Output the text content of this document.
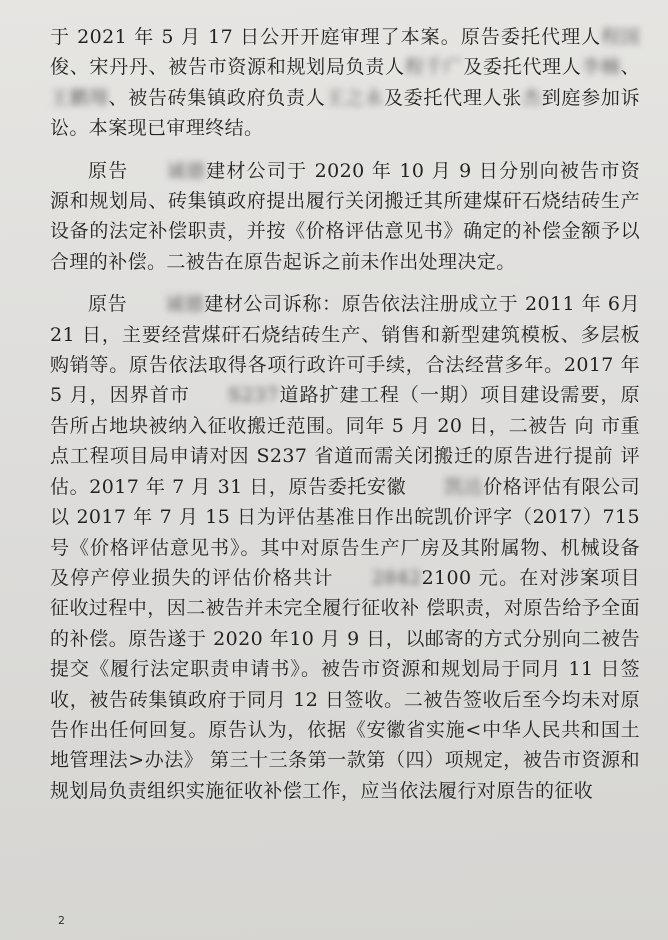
于 2021 年 5 月 17 日公开开庭审理了本案。原告委托代理人程国俊、宋丹丹、被告市资源和规划局负责人程千广及委托代理人李楠、王鹏翔、被告砖集镇政府负责人王之永及委托代理人张杰到庭参加诉讼。本案现已审理终结。

原告 诚德建材公司于 2020 年 10 月 9 日分别向被告市资源和规划局、砖集镇政府提出履行关闭搬迁其所建煤矸石烧结砖生产设备的法定补偿职责，并按《价格评估意见书》确定的补偿金额予以合理的补偿。二被告在原告起诉之前未作出处理决定。

原告 诚德建材公司诉称：原告依法注册成立于 2011 年 6月 21 日，主要经营煤矸石烧结砖生产、销售和新型建筑模板、多层板购销等。原告依法取得各项行政许可手续，合法经营多年。2017 年 5 月，因界首市 S237道路扩建工程（一期）项目建设需要，原告所占地块被纳入征收搬迁范围。同年 5 月 20 日，二被告 向 市重点工程项目局申请对因 S237 省道而需关闭搬迁的原告进行提前 评估。2017 年 7 月 31 日，原告委托安徽 凯达价格评估有限公司以 2017 年 7 月 15 日为评估基准日作出皖凯价评字（2017）715 号《价格评估意见书》。其中对原告生产厂房及其附属物、机械设备及停产停业损失的评估价格共计 28422100 元。在对涉案项目征收过程中，因二被告并未完全履行征收补 偿职责，对原告给予全面的补偿。原告遂于 2020 年10 月 9 日，以邮寄的方式分别向二被告提交《履行法定职责申请书》。被告市资源和规划局于同月 11 日签收，被告砖集镇政府于同月 12 日签收。二被告签收后至今均未对原告作出任何回复。原告认为，依据《安徽省实施<中华人民共和国土地管理法>办法》 第三十三条第一款第（四）项规定，被告市资源和规划局负责组织实施征收补偿工作，应当依法履行对原告的征收

2
